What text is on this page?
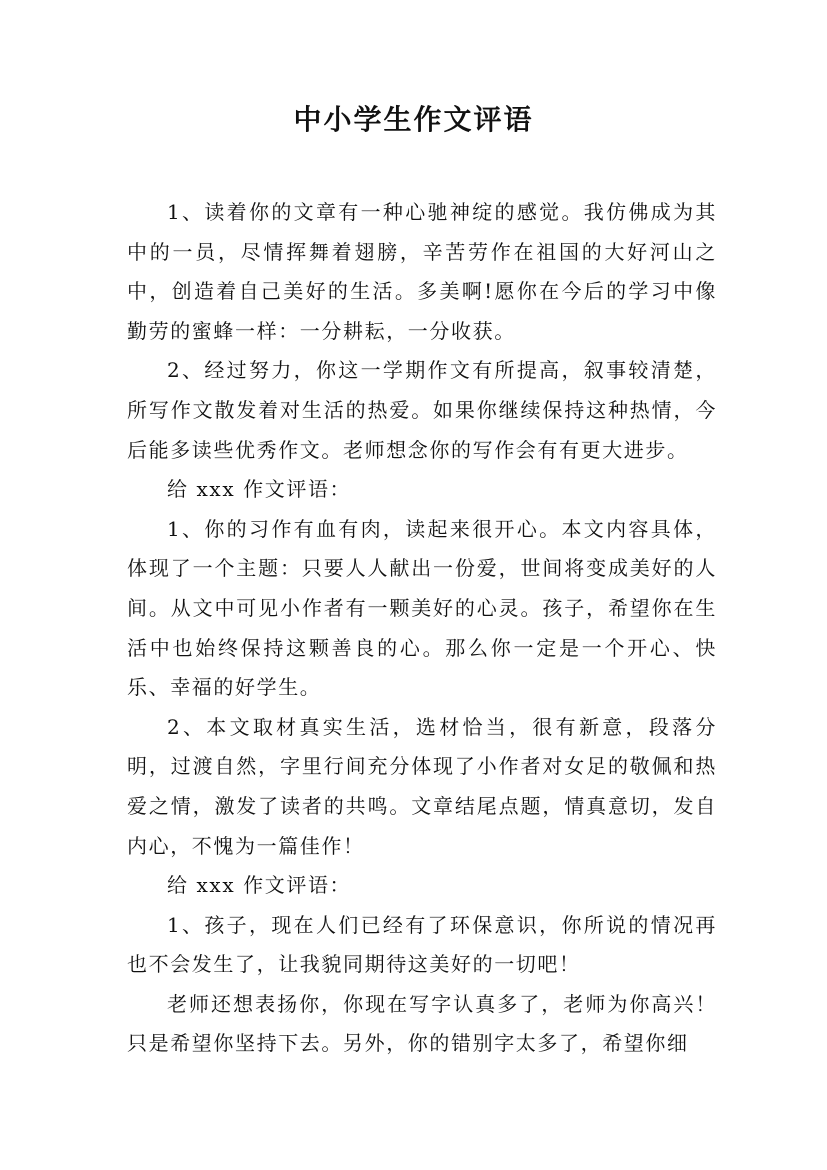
中小学生作文评语

1、读着你的文章有一种心驰神绽的感觉。我仿佛成为其中的一员，尽情挥舞着翅膀，辛苦劳作在祖国的大好河山之中，创造着自己美好的生活。多美啊!愿你在今后的学习中像勤劳的蜜蜂一样：一分耕耘，一分收获。

2、经过努力，你这一学期作文有所提高，叙事较清楚，所写作文散发着对生活的热爱。如果你继续保持这种热情，今后能多读些优秀作文。老师想念你的写作会有有更大进步。

给 xxx 作文评语：

1、你的习作有血有肉，读起来很开心。本文内容具体，体现了一个主题：只要人人献出一份爱，世间将变成美好的人间。从文中可见小作者有一颗美好的心灵。孩子，希望你在生活中也始终保持这颗善良的心。那么你一定是一个开心、快乐、幸福的好学生。

2、本文取材真实生活，选材恰当，很有新意，段落分明，过渡自然，字里行间充分体现了小作者对女足的敬佩和热爱之情，激发了读者的共鸣。文章结尾点题，情真意切，发自内心，不愧为一篇佳作！

给 xxx 作文评语：

1、孩子，现在人们已经有了环保意识，你所说的情况再也不会发生了，让我貌同期待这美好的一切吧！

老师还想表扬你，你现在写字认真多了，老师为你高兴！只是希望你坚持下去。另外，你的错别字太多了，希望你细
